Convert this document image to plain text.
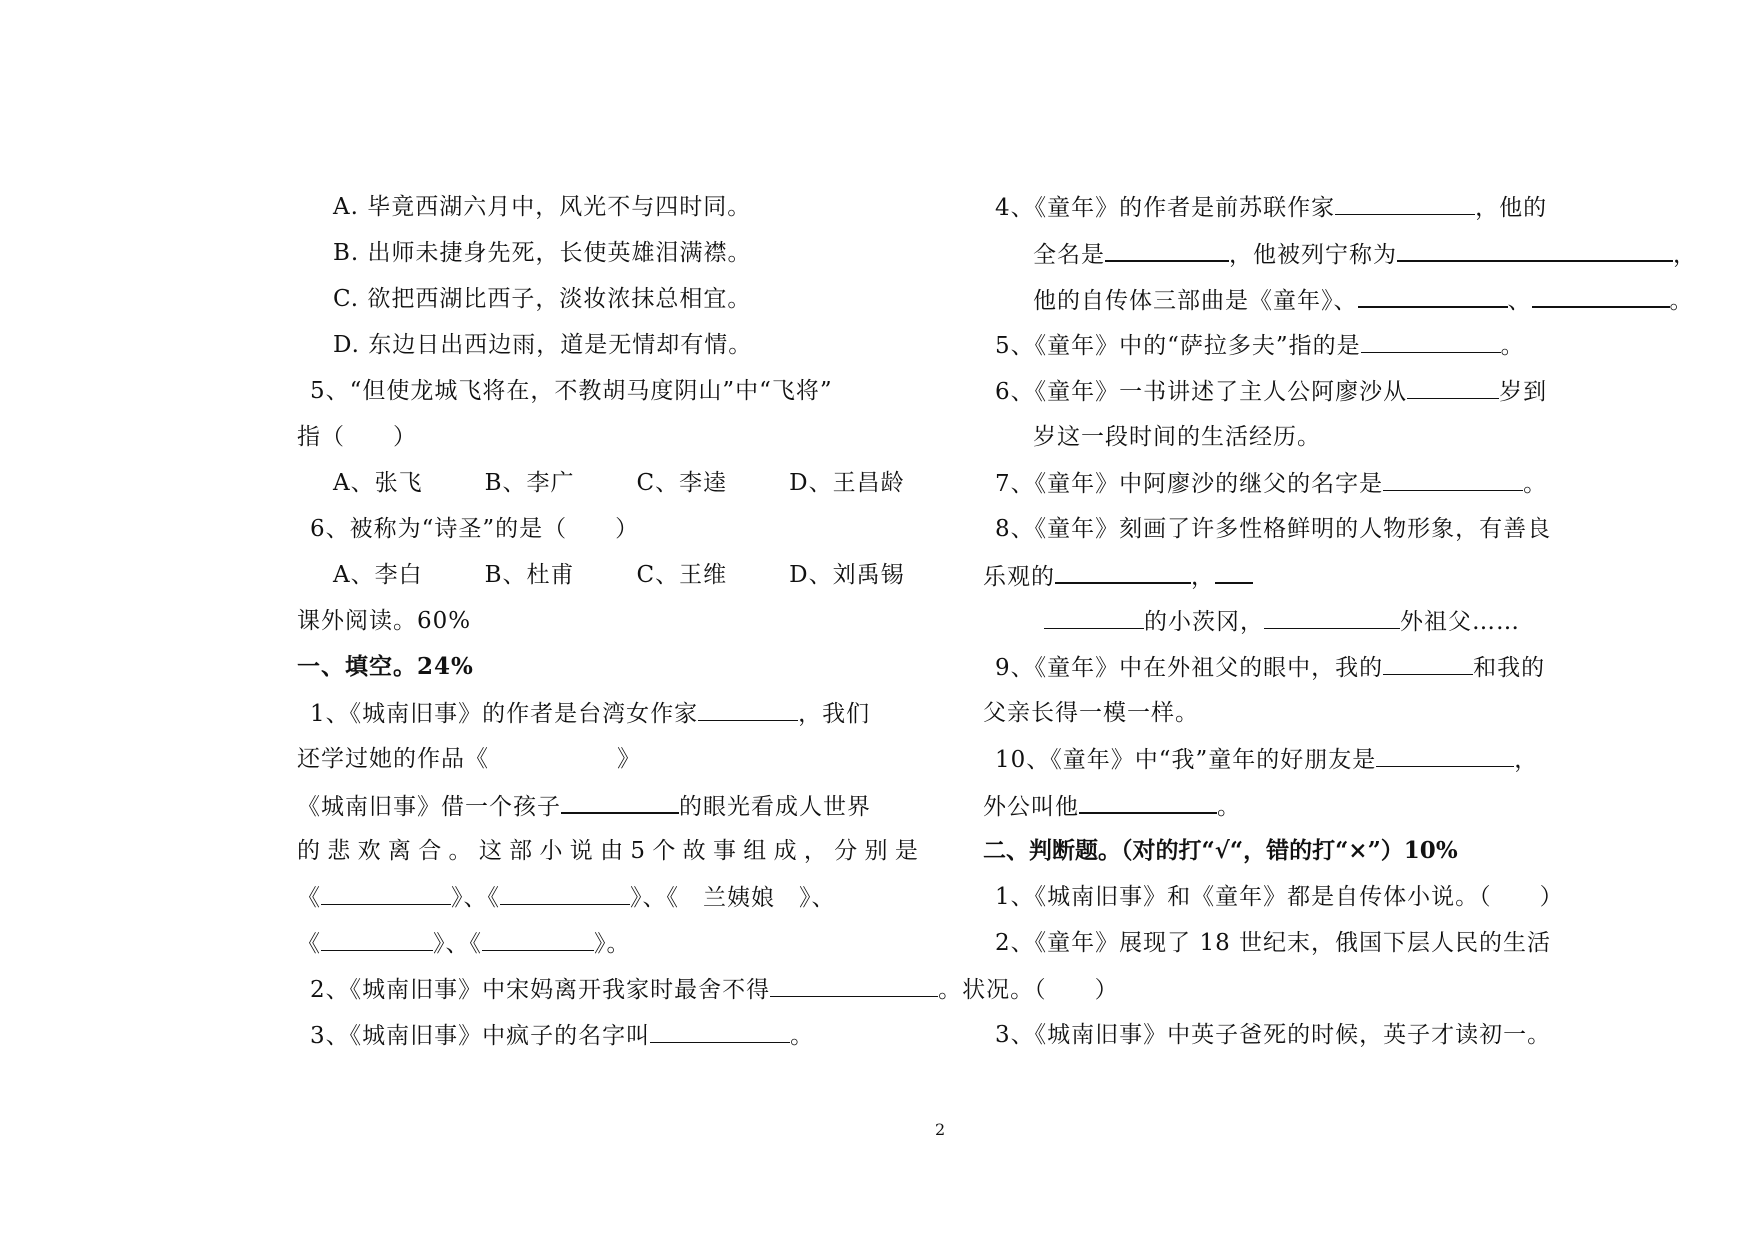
A. 毕竟西湖六月中，风光不与四时同。
B. 出师未捷身先死，长使英雄泪满襟。
C. 欲把西湖比西子，淡妆浓抹总相宜。
D. 东边日出西边雨，道是无情却有情。
5、“但使龙城飞将在，不教胡马度阴山”中“飞将”
指（　　）
A、张飞	B、李广	C、李逵	D、王昌龄
6、被称为“诗圣”的是（　　）
A、李白	B、杜甫	C、王维	D、刘禹锡
课外阅读。60%
一、填空。24%
1、《城南旧事》的作者是台湾女作家	，我们
还学过她的作品《	》
《城南旧事》借一个孩子	的眼光看成人世界
的 悲 欢 离 合 。 这 部 小 说 由 5 个 故 事 组 成 ， 分 别 是
《	》、《	》、《　兰姨娘　》、
《	》、《	》。
2、《城南旧事》中宋妈离开我家时最舍不得	。状况。（　　）
3、《城南旧事》中疯子的名字叫	。
4、《童年》的作者是前苏联作家	，他的
全名是	，他被列宁称为	，
他的自传体三部曲是《童年》、	、	。
5、《童年》中的“萨拉多夫”指的是	。
6、《童年》一书讲述了主人公阿廖沙从	岁到
岁这一段时间的生活经历。
7、《童年》中阿廖沙的继父的名字是	。
8、《童年》刻画了许多性格鲜明的人物形象，有善良
乐观的	，
的小茨冈，	外祖父……
9、《童年》中在外祖父的眼中，我的	和我的
父亲长得一模一样。
10、《童年》中“我”童年的好朋友是	，
外公叫他	。
二、判断题。（对的打“√“，错的打“×”）10%
1、《城南旧事》和《童年》都是自传体小说。（　　）
2、《童年》展现了 18 世纪末，俄国下层人民的生活
3、《城南旧事》中英子爸死的时候，英子才读初一。
2
